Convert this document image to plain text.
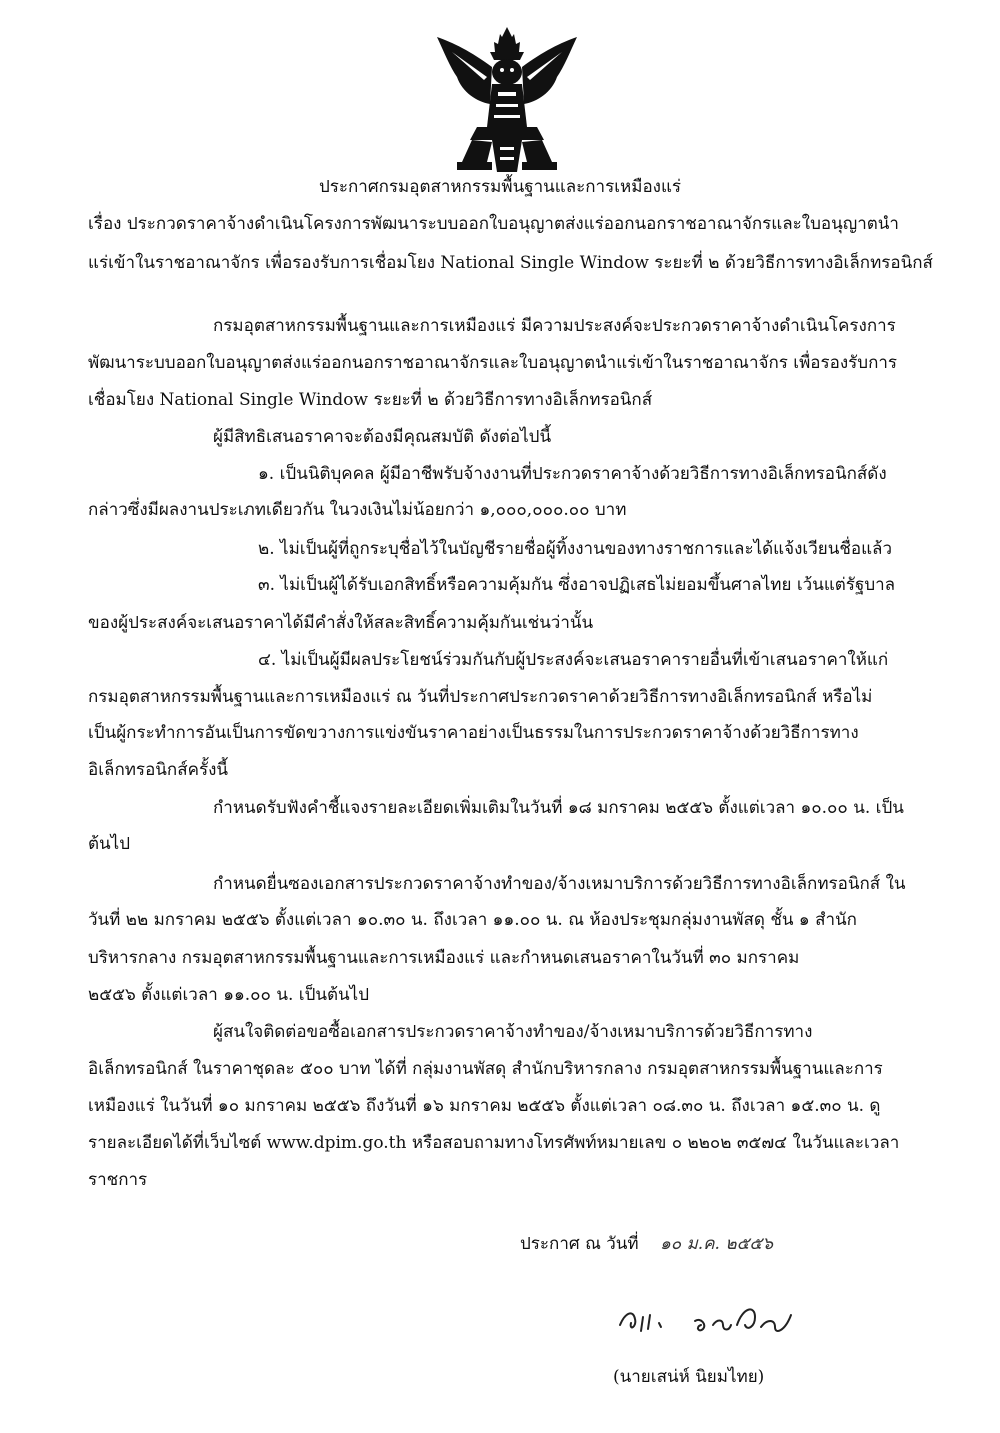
ประกาศกรมอุตสาหกรรมพื้นฐานและการเหมืองแร่
เรื่อง ประกวดราคาจ้างดำเนินโครงการพัฒนาระบบออกใบอนุญาตส่งแร่ออกนอกราชอาณาจักรและใบอนุญาตนำ
แร่เข้าในราชอาณาจักร เพื่อรองรับการเชื่อมโยง National Single Window ระยะที่ ๒ ด้วยวิธีการทางอิเล็กทรอนิกส์
กรมอุตสาหกรรมพื้นฐานและการเหมืองแร่ มีความประสงค์จะประกวดราคาจ้างดำเนินโครงการ
พัฒนาระบบออกใบอนุญาตส่งแร่ออกนอกราชอาณาจักรและใบอนุญาตนำแร่เข้าในราชอาณาจักร เพื่อรองรับการ
เชื่อมโยง National Single Window ระยะที่ ๒ ด้วยวิธีการทางอิเล็กทรอนิกส์
ผู้มีสิทธิเสนอราคาจะต้องมีคุณสมบัติ ดังต่อไปนี้
๑. เป็นนิติบุคคล ผู้มีอาชีพรับจ้างงานที่ประกวดราคาจ้างด้วยวิธีการทางอิเล็กทรอนิกส์ดัง
กล่าวซึ่งมีผลงานประเภทเดียวกัน ในวงเงินไม่น้อยกว่า ๑,๐๐๐,๐๐๐.๐๐ บาท
๒. ไม่เป็นผู้ที่ถูกระบุชื่อไว้ในบัญชีรายชื่อผู้ทิ้งงานของทางราชการและได้แจ้งเวียนชื่อแล้ว
๓. ไม่เป็นผู้ได้รับเอกสิทธิ์หรือความคุ้มกัน ซึ่งอาจปฏิเสธไม่ยอมขึ้นศาลไทย เว้นแต่รัฐบาล
ของผู้ประสงค์จะเสนอราคาได้มีคำสั่งให้สละสิทธิ์ความคุ้มกันเช่นว่านั้น
๔. ไม่เป็นผู้มีผลประโยชน์ร่วมกันกับผู้ประสงค์จะเสนอราคารายอื่นที่เข้าเสนอราคาให้แก่
กรมอุตสาหกรรมพื้นฐานและการเหมืองแร่ ณ วันที่ประกาศประกวดราคาด้วยวิธีการทางอิเล็กทรอนิกส์ หรือไม่
เป็นผู้กระทำการอันเป็นการขัดขวางการแข่งขันราคาอย่างเป็นธรรมในการประกวดราคาจ้างด้วยวิธีการทาง
อิเล็กทรอนิกส์ครั้งนี้
กำหนดรับฟังคำชี้แจงรายละเอียดเพิ่มเติมในวันที่ ๑๘ มกราคม ๒๕๕๖ ตั้งแต่เวลา ๑๐.๐๐ น. เป็น
ต้นไป
กำหนดยื่นซองเอกสารประกวดราคาจ้างทำของ/จ้างเหมาบริการด้วยวิธีการทางอิเล็กทรอนิกส์ ใน
วันที่ ๒๒ มกราคม ๒๕๕๖ ตั้งแต่เวลา ๑๐.๓๐ น. ถึงเวลา ๑๑.๐๐ น. ณ ห้องประชุมกลุ่มงานพัสดุ ชั้น ๑ สำนัก
บริหารกลาง กรมอุตสาหกรรมพื้นฐานและการเหมืองแร่ และกำหนดเสนอราคาในวันที่ ๓๐ มกราคม
๒๕๕๖ ตั้งแต่เวลา ๑๑.๐๐ น. เป็นต้นไป
ผู้สนใจติดต่อขอซื้อเอกสารประกวดราคาจ้างทำของ/จ้างเหมาบริการด้วยวิธีการทาง
อิเล็กทรอนิกส์ ในราคาชุดละ ๕๐๐ บาท ได้ที่ กลุ่มงานพัสดุ สำนักบริหารกลาง กรมอุตสาหกรรมพื้นฐานและการ
เหมืองแร่ ในวันที่ ๑๐ มกราคม ๒๕๕๖ ถึงวันที่ ๑๖ มกราคม ๒๕๕๖ ตั้งแต่เวลา ๐๘.๓๐ น. ถึงเวลา ๑๕.๓๐ น. ดู
รายละเอียดได้ที่เว็บไซต์ www.dpim.go.th หรือสอบถามทางโทรศัพท์หมายเลข ๐ ๒๒๐๒ ๓๕๗๔ ในวันและเวลา
ราชการ
ประกาศ ณ วันที่ ๑๐ ม.ค. ๒๕๕๖
(นายเสน่ห์ นิยมไทย)
